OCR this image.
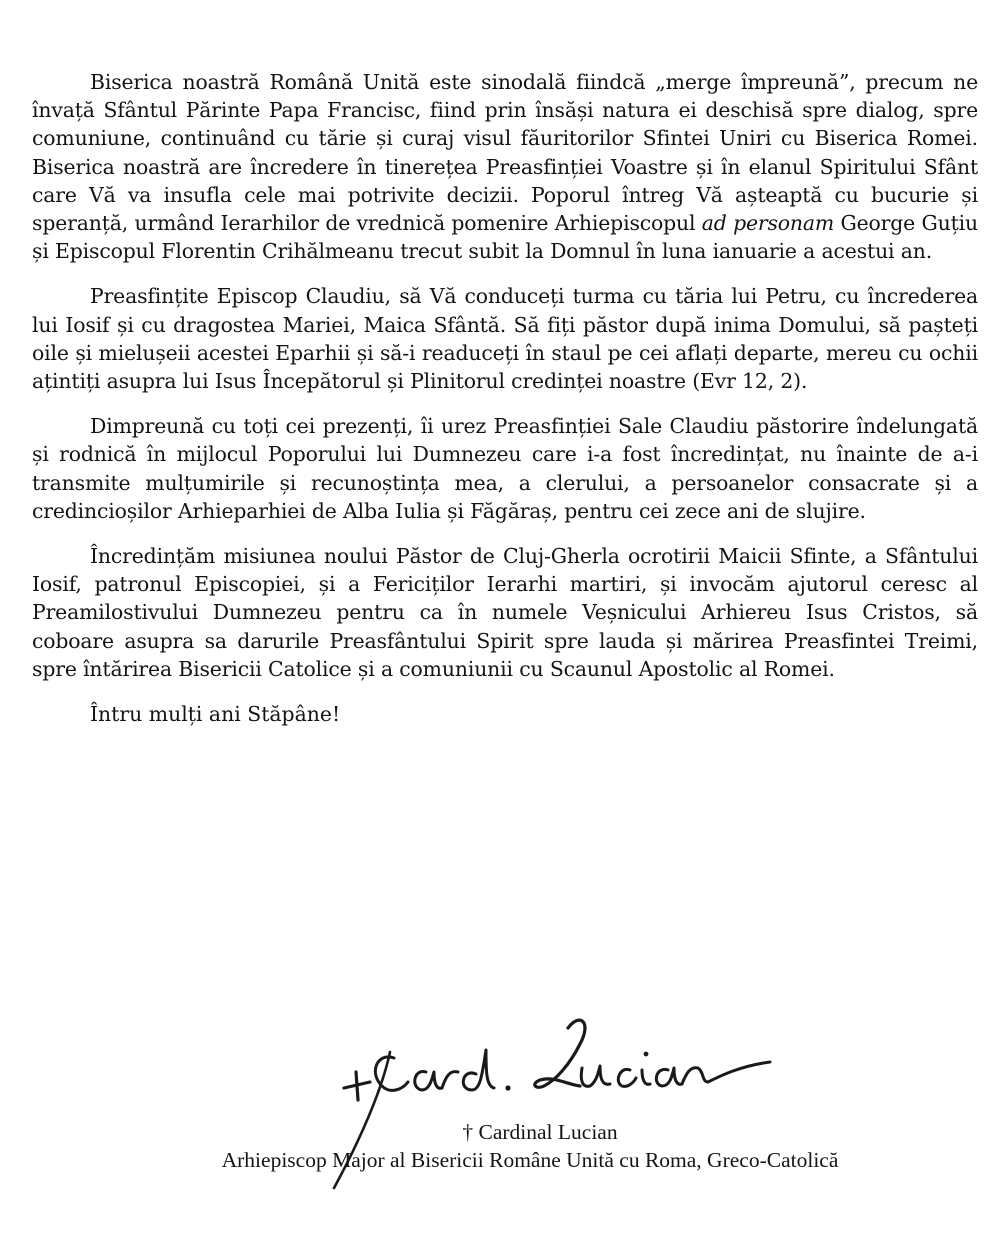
Biserica noastră Română Unită este sinodală fiindcă „merge împreună”, precum ne învață Sfântul Părinte Papa Francisc, fiind prin însăși natura ei deschisă spre dialog, spre comuniune, continuând cu tărie și curaj visul făuritorilor Sfintei Uniri cu Biserica Romei. Biserica noastră are încredere în tinerețea Preasfinției Voastre și în elanul Spiritului Sfânt care Vă va insufla cele mai potrivite decizii. Poporul întreg Vă așteaptă cu bucurie și speranță, urmând Ierarhilor de vrednică pomenire Arhiepiscopul ad personam George Guțiu și Episcopul Florentin Crihălmeanu trecut subit la Domnul în luna ianuarie a acestui an.

Preasfințite Episcop Claudiu, să Vă conduceți turma cu tăria lui Petru, cu încrederea lui Iosif și cu dragostea Mariei, Maica Sfântă. Să fiți păstor după inima Domului, să pașteți oile și mielușeii acestei Eparhii și să-i readuceți în staul pe cei aflați departe, mereu cu ochii ațintiți asupra lui Isus Începătorul și Plinitorul credinței noastre (Evr 12, 2).

Dimpreună cu toți cei prezenți, îi urez Preasfinției Sale Claudiu păstorire îndelungată și rodnică în mijlocul Poporului lui Dumnezeu care i-a fost încredințat, nu înainte de a-i transmite mulțumirile și recunoștința mea, a clerului, a persoanelor consacrate și a credincioșilor Arhieparhiei de Alba Iulia și Făgăraș, pentru cei zece ani de slujire.

Încredințăm misiunea noului Păstor de Cluj-Gherla ocrotirii Maicii Sfinte, a Sfântului Iosif, patronul Episcopiei, și a Fericiților Ierarhi martiri, și invocăm ajutorul ceresc al Preamilostivului Dumnezeu pentru ca în numele Veșnicului Arhiereu Isus Cristos, să coboare asupra sa darurile Preasfântului Spirit spre lauda și mărirea Preasfintei Treimi, spre întărirea Bisericii Catolice și a comuniunii cu Scaunul Apostolic al Romei.

Întru mulți ani Stăpâne!

† Cardinal Lucian
Arhiepiscop Major al Bisericii Române Unită cu Roma, Greco-Catolică
